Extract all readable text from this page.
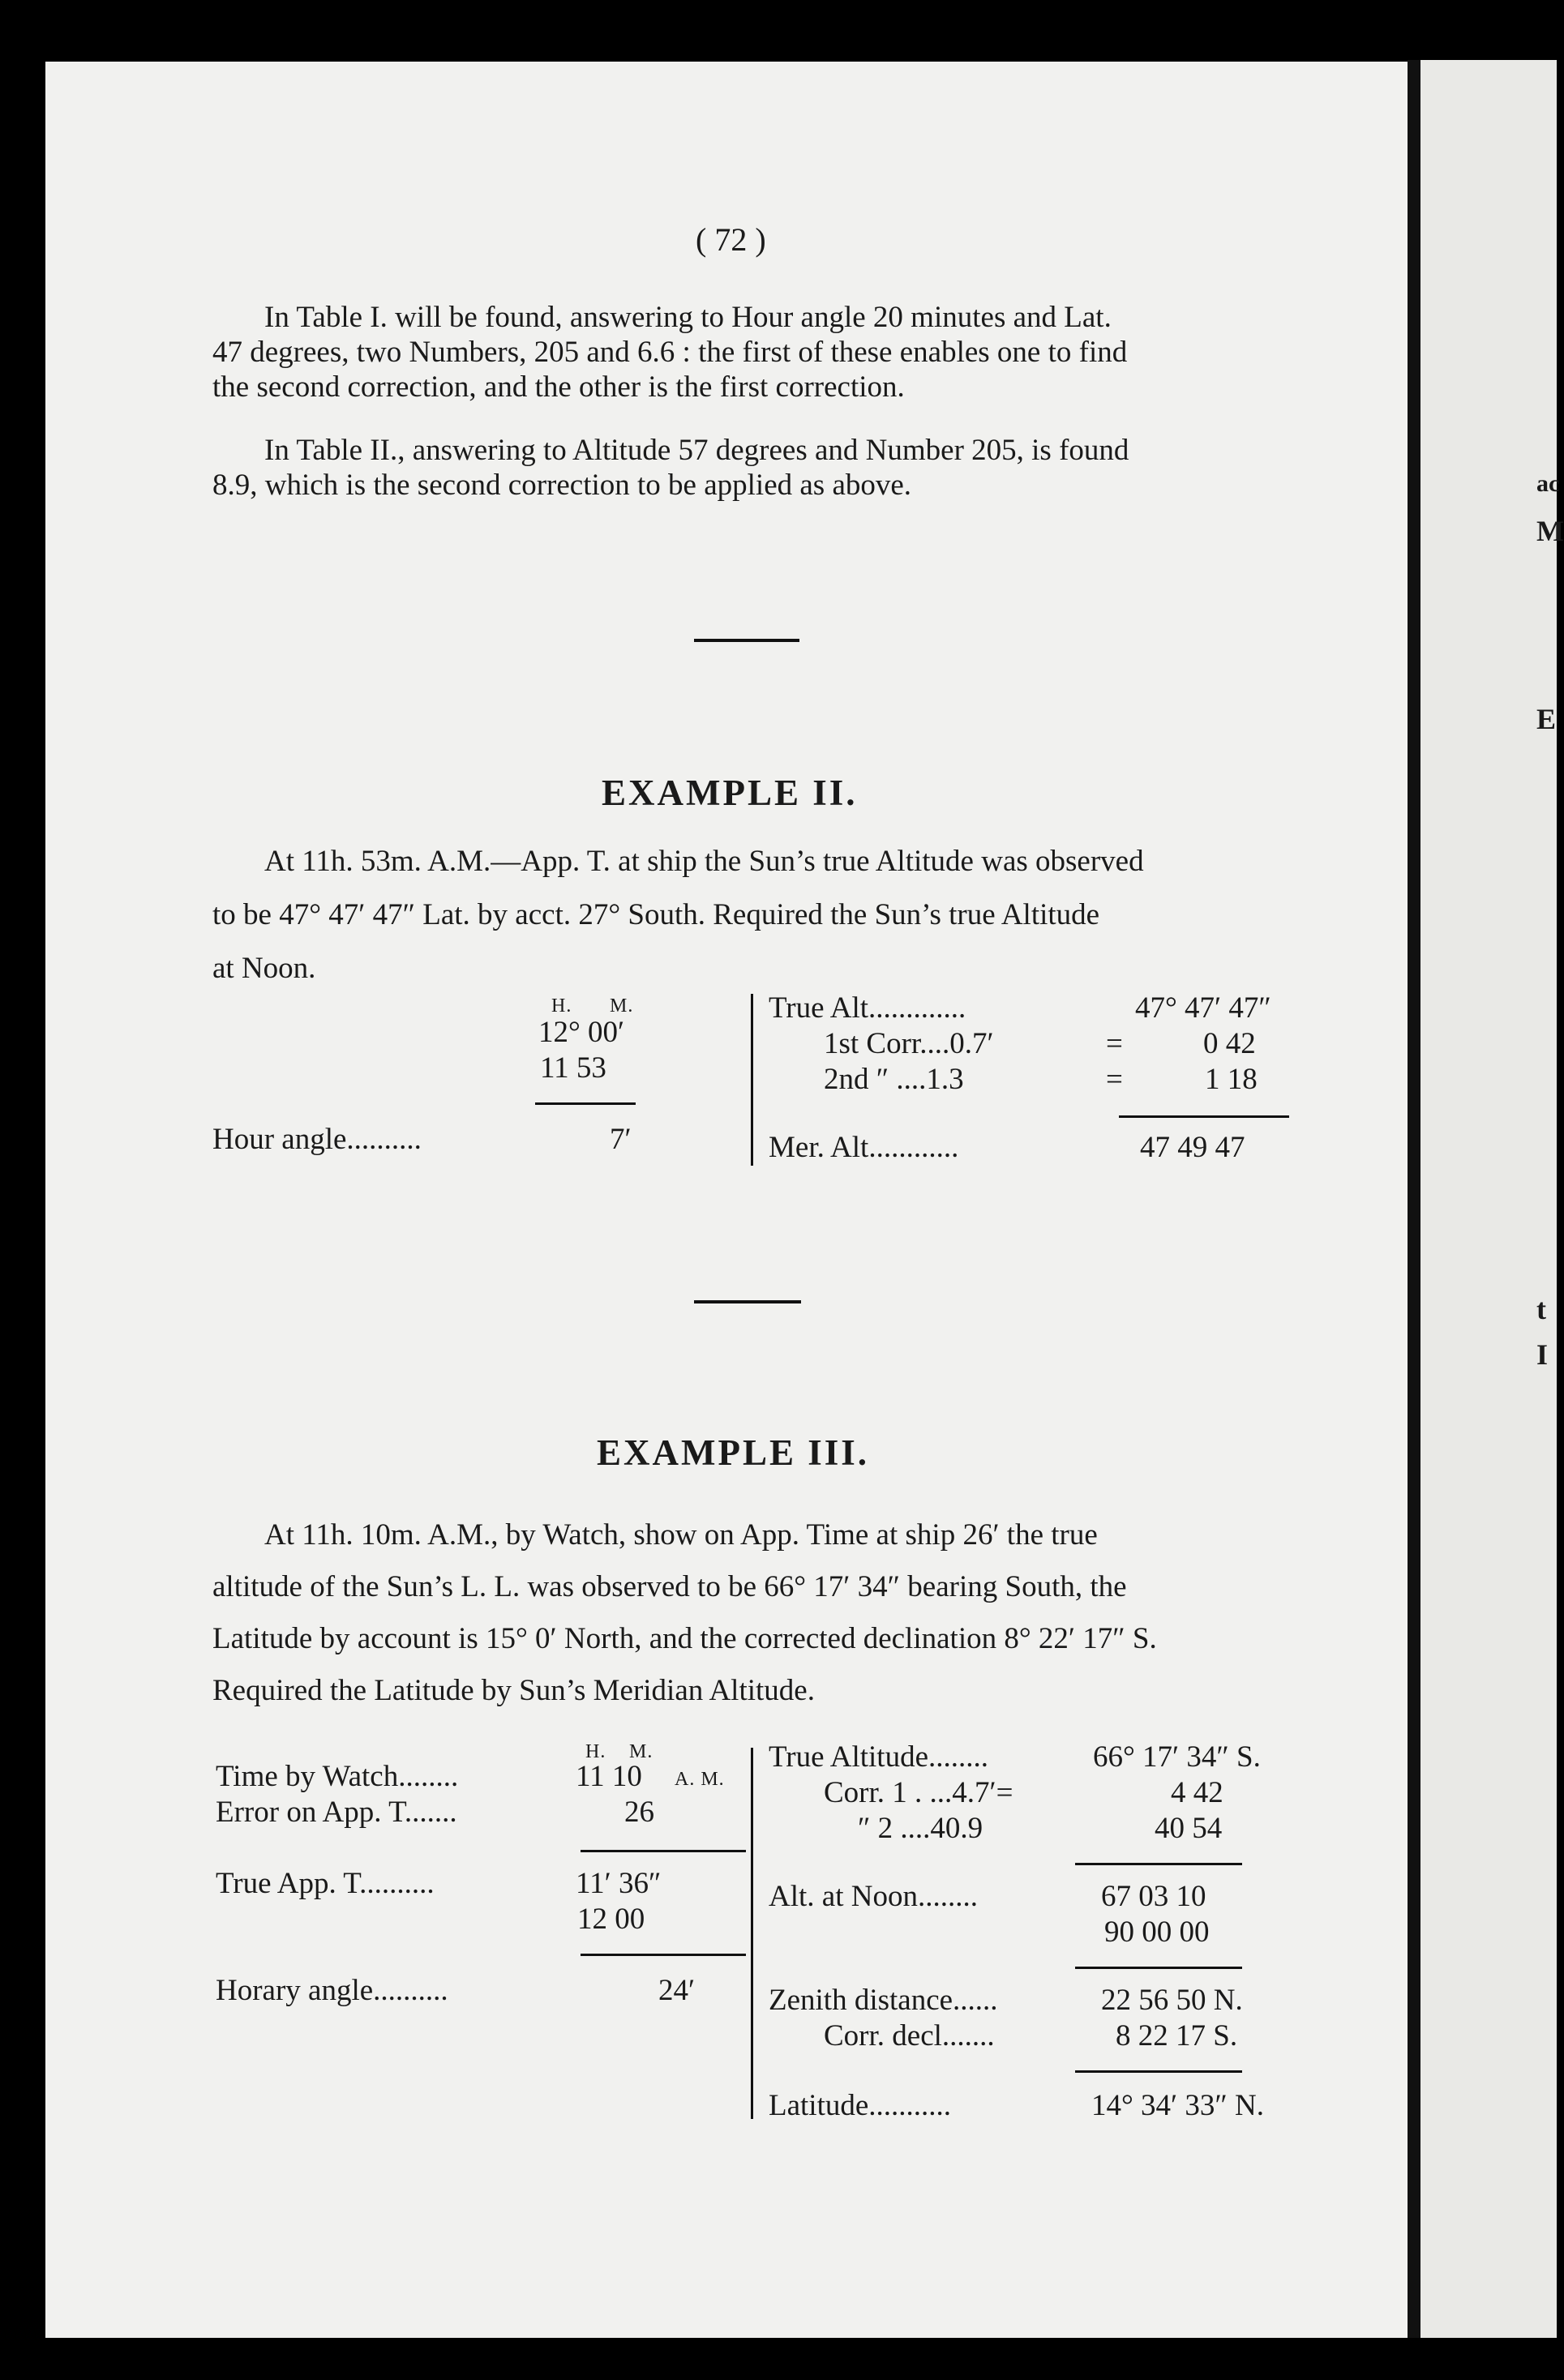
ac
M
E
t
I
( 72 )

In Table I. will be found, answering to Hour angle 20 minutes and Lat.

47 degrees, two Numbers, 205 and 6.6 : the first of these enables one to find

the second correction, and the other is the first correction.

In Table II., answering to Altitude 57 degrees and Number 205, is found

8.9, which is the second correction to be applied as above.

EXAMPLE II.

At 11h. 53m. A.M.—App. T. at ship the Sun’s true Altitude was observed

to be 47° 47′ 47″ Lat. by acct. 27° South. Required the Sun’s true Altitude

at Noon.

H. M.
12° 00′
11 53
Hour angle..........	7′
True Alt.............	47° 47′ 47″
1st Corr....0.7′	=	0 42
2nd ″ ....1.3	=	1 18
Mer. Alt............	47 49 47
EXAMPLE III.

At 11h. 10m. A.M., by Watch, show on App. Time at ship 26′ the true

altitude of the Sun’s L. L. was observed to be 66° 17′ 34″ bearing South, the

Latitude by account is 15° 0′ North, and the corrected declination 8° 22′ 17″ S.

Required the Latitude by Sun’s Meridian Altitude.

H. M.
Time by Watch........	11 10 A. M.
Error on App. T.......	26
True App. T..........	11′ 36″
12 00
Horary angle..........	24′
True Altitude........	66° 17′ 34″ S.
Corr. 1 . ...4.7′=	4 42
″ 2 ....40.9	40 54
Alt. at Noon........	67 03 10
90 00 00
Zenith distance......	22 56 50 N.
Corr. decl.......	8 22 17 S.
Latitude...........	14° 34′ 33″ N.
